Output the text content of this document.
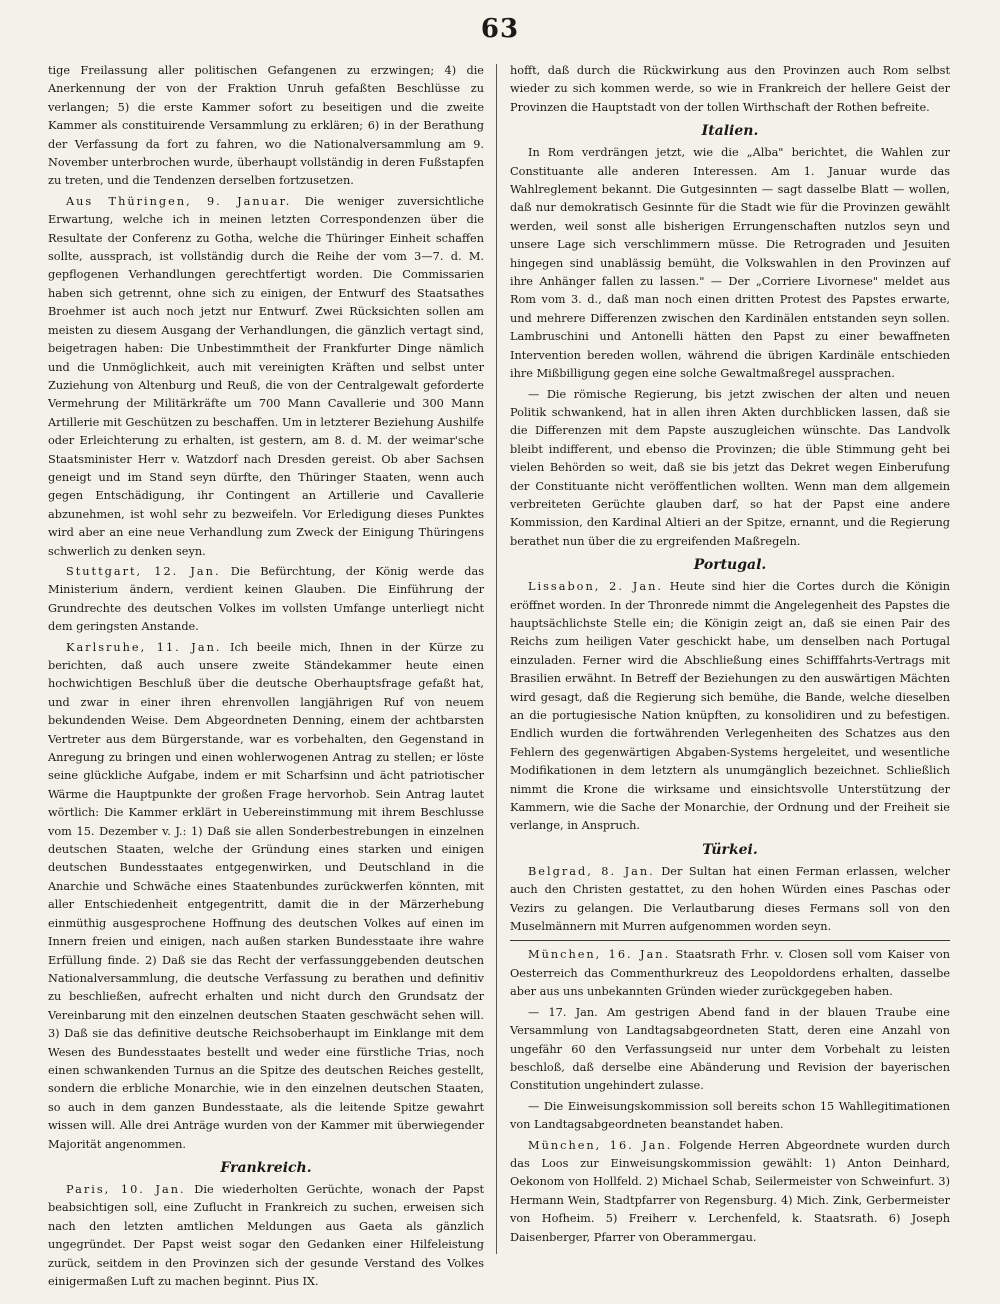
63

tige Freilassung aller politischen Gefangenen zu erzwingen; 4) die Anerkennung der von der Fraktion Unruh gefaßten Beschlüsse zu verlangen; 5) die erste Kammer sofort zu beseitigen und die zweite Kammer als constituirende Versammlung zu erklären; 6) in der Berathung der Verfassung da fort zu fahren, wo die Nationalversammlung am 9. November unterbrochen wurde, überhaupt vollständig in deren Fußstapfen zu treten, und die Tendenzen derselben fortzusetzen.

Aus Thüringen, 9. Januar. Die weniger zuversichtliche Erwartung, welche ich in meinen letzten Correspondenzen über die Resultate der Conferenz zu Gotha, welche die Thüringer Einheit schaffen sollte, aussprach, ist vollständig durch die Reihe der vom 3—7. d. M. gepflogenen Verhandlungen gerechtfertigt worden. Die Commissarien haben sich getrennt, ohne sich zu einigen, der Entwurf des Staatsathes Broehmer ist auch noch jetzt nur Entwurf. Zwei Rücksichten sollen am meisten zu diesem Ausgang der Verhandlungen, die gänzlich vertagt sind, beigetragen haben: Die Unbestimmtheit der Frankfurter Dinge nämlich und die Unmöglichkeit, auch mit vereinigten Kräften und selbst unter Zuziehung von Altenburg und Reuß, die von der Centralgewalt geforderte Vermehrung der Militärkräfte um 700 Mann Cavallerie und 300 Mann Artillerie mit Geschützen zu beschaffen. Um in letzterer Beziehung Aushilfe oder Erleichterung zu erhalten, ist gestern, am 8. d. M. der weimar'sche Staatsminister Herr v. Watzdorf nach Dresden gereist. Ob aber Sachsen geneigt und im Stand seyn dürfte, den Thüringer Staaten, wenn auch gegen Entschädigung, ihr Contingent an Artillerie und Cavallerie abzunehmen, ist wohl sehr zu bezweifeln. Vor Erledigung dieses Punktes wird aber an eine neue Verhandlung zum Zweck der Einigung Thüringens schwerlich zu denken seyn.

Stuttgart, 12. Jan. Die Befürchtung, der König werde das Ministerium ändern, verdient keinen Glauben. Die Einführung der Grundrechte des deutschen Volkes im vollsten Umfange unterliegt nicht dem geringsten Anstande.

Karlsruhe, 11. Jan. Ich beeile mich, Ihnen in der Kürze zu berichten, daß auch unsere zweite Ständekammer heute einen hochwichtigen Beschluß über die deutsche Oberhauptsfrage gefaßt hat, und zwar in einer ihren ehrenvollen langjährigen Ruf von neuem bekundenden Weise. Dem Abgeordneten Denning, einem der achtbarsten Vertreter aus dem Bürgerstande, war es vorbehalten, den Gegenstand in Anregung zu bringen und einen wohlerwogenen Antrag zu stellen; er löste seine glückliche Aufgabe, indem er mit Scharfsinn und ächt patriotischer Wärme die Hauptpunkte der großen Frage hervorhob. Sein Antrag lautet wörtlich: Die Kammer erklärt in Uebereinstimmung mit ihrem Beschlusse vom 15. Dezember v. J.: 1) Daß sie allen Sonderbestrebungen in einzelnen deutschen Staaten, welche der Gründung eines starken und einigen deutschen Bundesstaates entgegenwirken, und Deutschland in die Anarchie und Schwäche eines Staatenbundes zurückwerfen könnten, mit aller Entschiedenheit entgegentritt, damit die in der Märzerhebung einmüthig ausgesprochene Hoffnung des deutschen Volkes auf einen im Innern freien und einigen, nach außen starken Bundesstaate ihre wahre Erfüllung finde. 2) Daß sie das Recht der verfassunggebenden deutschen Nationalversammlung, die deutsche Verfassung zu berathen und definitiv zu beschließen, aufrecht erhalten und nicht durch den Grundsatz der Vereinbarung mit den einzelnen deutschen Staaten geschwächt sehen will. 3) Daß sie das definitive deutsche Reichsoberhaupt im Einklange mit dem Wesen des Bundesstaates bestellt und weder eine fürstliche Trias, noch einen schwankenden Turnus an die Spitze des deutschen Reiches gestellt, sondern die erbliche Monarchie, wie in den einzelnen deutschen Staaten, so auch in dem ganzen Bundesstaate, als die leitende Spitze gewahrt wissen will. Alle drei Anträge wurden von der Kammer mit überwiegender Majorität angenommen.

Frankreich.

Paris, 10. Jan. Die wiederholten Gerüchte, wonach der Papst beabsichtigen soll, eine Zuflucht in Frankreich zu suchen, erweisen sich nach den letzten amtlichen Meldungen aus Gaeta als gänzlich ungegründet. Der Papst weist sogar den Gedanken einer Hilfeleistung zurück, seitdem in den Provinzen sich der gesunde Verstand des Volkes einigermaßen Luft zu machen beginnt. Pius IX.

hofft, daß durch die Rückwirkung aus den Provinzen auch Rom selbst wieder zu sich kommen werde, so wie in Frankreich der hellere Geist der Provinzen die Hauptstadt von der tollen Wirthschaft der Rothen befreite.

Italien.

In Rom verdrängen jetzt, wie die „Alba" berichtet, die Wahlen zur Constituante alle anderen Interessen. Am 1. Januar wurde das Wahlreglement bekannt. Die Gutgesinnten — sagt dasselbe Blatt — wollen, daß nur demokratisch Gesinnte für die Stadt wie für die Provinzen gewählt werden, weil sonst alle bisherigen Errungenschaften nutzlos seyn und unsere Lage sich verschlimmern müsse. Die Retrograden und Jesuiten hingegen sind unablässig bemüht, die Volkswahlen in den Provinzen auf ihre Anhänger fallen zu lassen." — Der „Corriere Livornese" meldet aus Rom vom 3. d., daß man noch einen dritten Protest des Papstes erwarte, und mehrere Differenzen zwischen den Kardinälen entstanden seyn sollen. Lambruschini und Antonelli hätten den Papst zu einer bewaffneten Intervention bereden wollen, während die übrigen Kardinäle entschieden ihre Mißbilligung gegen eine solche Gewaltmaßregel aussprachen.

— Die römische Regierung, bis jetzt zwischen der alten und neuen Politik schwankend, hat in allen ihren Akten durchblicken lassen, daß sie die Differenzen mit dem Papste auszugleichen wünschte. Das Landvolk bleibt indifferent, und ebenso die Provinzen; die üble Stimmung geht bei vielen Behörden so weit, daß sie bis jetzt das Dekret wegen Einberufung der Constituante nicht veröffentlichen wollten. Wenn man dem allgemein verbreiteten Gerüchte glauben darf, so hat der Papst eine andere Kommission, den Kardinal Altieri an der Spitze, ernannt, und die Regierung berathet nun über die zu ergreifenden Maßregeln.

Portugal.

Lissabon, 2. Jan. Heute sind hier die Cortes durch die Königin eröffnet worden. In der Thronrede nimmt die Angelegenheit des Papstes die hauptsächlichste Stelle ein; die Königin zeigt an, daß sie einen Pair des Reichs zum heiligen Vater geschickt habe, um denselben nach Portugal einzuladen. Ferner wird die Abschließung eines Schifffahrts-Vertrags mit Brasilien erwähnt. In Betreff der Beziehungen zu den auswärtigen Mächten wird gesagt, daß die Regierung sich bemühe, die Bande, welche dieselben an die portugiesische Nation knüpften, zu konsolidiren und zu befestigen. Endlich wurden die fortwährenden Verlegenheiten des Schatzes aus den Fehlern des gegenwärtigen Abgaben-Systems hergeleitet, und wesentliche Modifikationen in dem letztern als unumgänglich bezeichnet. Schließlich nimmt die Krone die wirksame und einsichtsvolle Unterstützung der Kammern, wie die Sache der Monarchie, der Ordnung und der Freiheit sie verlange, in Anspruch.

Türkei.

Belgrad, 8. Jan. Der Sultan hat einen Ferman erlassen, welcher auch den Christen gestattet, zu den hohen Würden eines Paschas oder Vezirs zu gelangen. Die Verlautbarung dieses Fermans soll von den Muselmännern mit Murren aufgenommen worden seyn.

München, 16. Jan. Staatsrath Frhr. v. Closen soll vom Kaiser von Oesterreich das Commenthurkreuz des Leopoldordens erhalten, dasselbe aber aus uns unbekannten Gründen wieder zurückgegeben haben.

— 17. Jan. Am gestrigen Abend fand in der blauen Traube eine Versammlung von Landtagsabgeordneten Statt, deren eine Anzahl von ungefähr 60 den Verfassungseid nur unter dem Vorbehalt zu leisten beschloß, daß derselbe eine Abänderung und Revision der bayerischen Constitution ungehindert zulasse.

— Die Einweisungskommission soll bereits schon 15 Wahllegitimationen von Landtagsabgeordneten beanstandet haben.

München, 16. Jan. Folgende Herren Abgeordnete wurden durch das Loos zur Einweisungskommission gewählt: 1) Anton Deinhard, Oekonom von Hollfeld. 2) Michael Schab, Seilermeister von Schweinfurt. 3) Hermann Wein, Stadtpfarrer von Regensburg. 4) Mich. Zink, Gerbermeister von Hofheim. 5) Freiherr v. Lerchenfeld, k. Staatsrath. 6) Joseph Daisenberger, Pfarrer von Oberammergau.
